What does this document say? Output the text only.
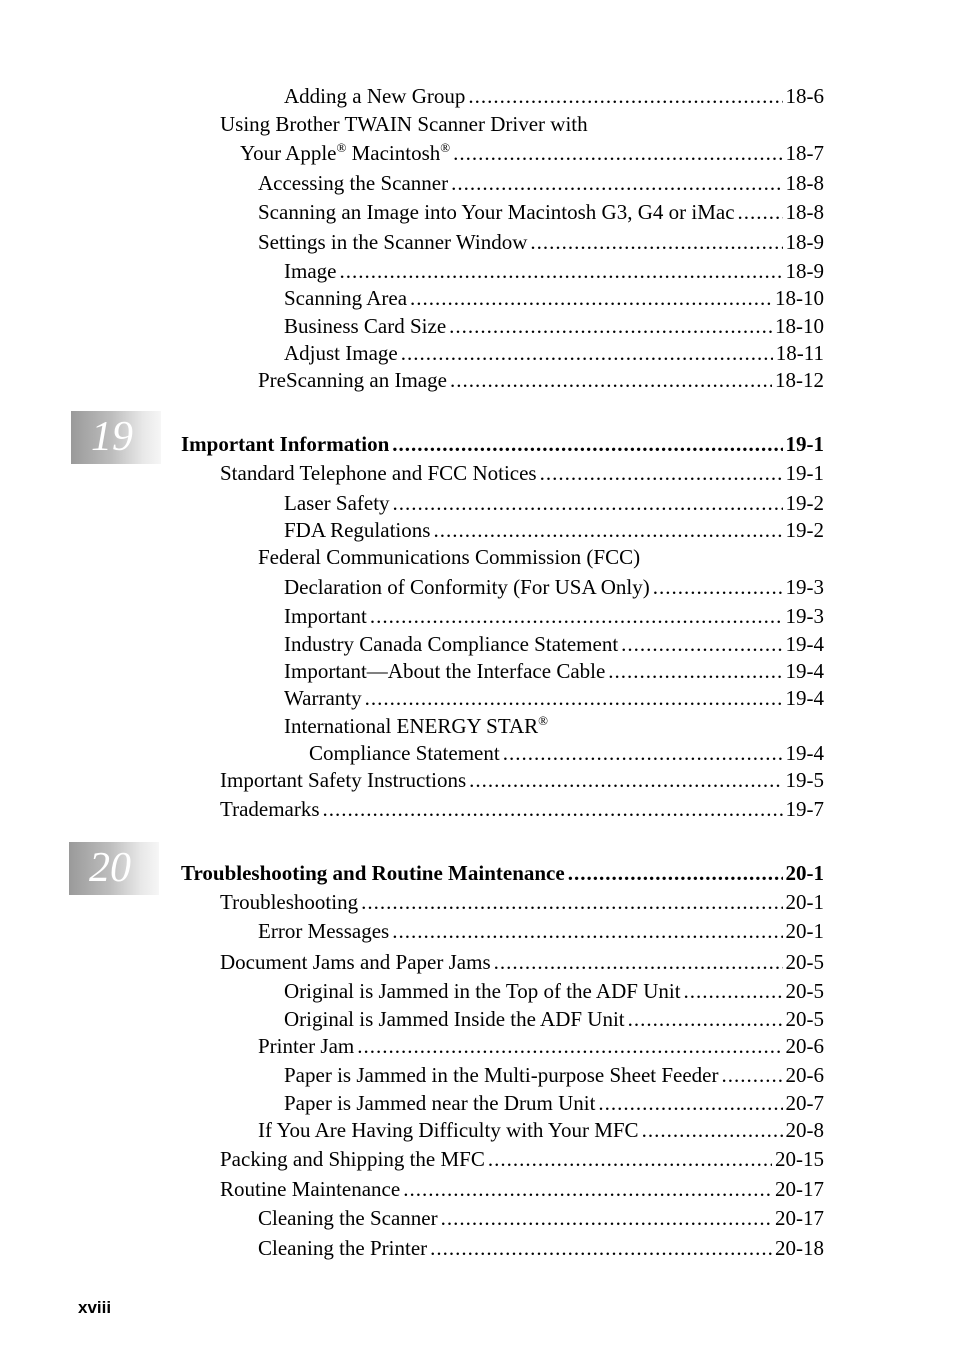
19
20
Adding a New Group .....	18-6
Using Brother TWAIN Scanner Driver with
Your Apple® Macintosh® .....	18-7
Accessing the Scanner .....	18-8
Scanning an Image into Your Macintosh G3, G4 or iMac ..... 18-8
Settings in the Scanner Window .....	18-9
Image .....	18-9
Scanning Area .....	18-10
Business Card Size .....	18-10
Adjust Image .....	18-11
PreScanning an Image .....	18-12
Important Information .....	19-1
Standard Telephone and FCC Notices .....	19-1
Laser Safety .....	19-2
FDA Regulations .....	19-2
Federal Communications Commission (FCC)
Declaration of Conformity (For USA Only) .....	19-3
Important .....	19-3
Industry Canada Compliance Statement .....	19-4
Important—About the Interface Cable .....	19-4
Warranty .....	19-4
International ENERGY STAR®
Compliance Statement .....	19-4
Important Safety Instructions .....	19-5
Trademarks .....	19-7
Troubleshooting and Routine Maintenance .....	20-1
Troubleshooting .....	20-1
Error Messages .....	20-1
Document Jams and Paper Jams .....	20-5
Original is Jammed in the Top of the ADF Unit .....	20-5
Original is Jammed Inside the ADF Unit .....	20-5
Printer Jam .....	20-6
Paper is Jammed in the Multi-purpose Sheet Feeder .....	20-6
Paper is Jammed near the Drum Unit .....	20-7
If You Are Having Difficulty with Your MFC .....	20-8
Packing and Shipping the MFC .....	20-15
Routine Maintenance .....	20-17
Cleaning the Scanner .....	20-17
Cleaning the Printer .....	20-18
xviii
